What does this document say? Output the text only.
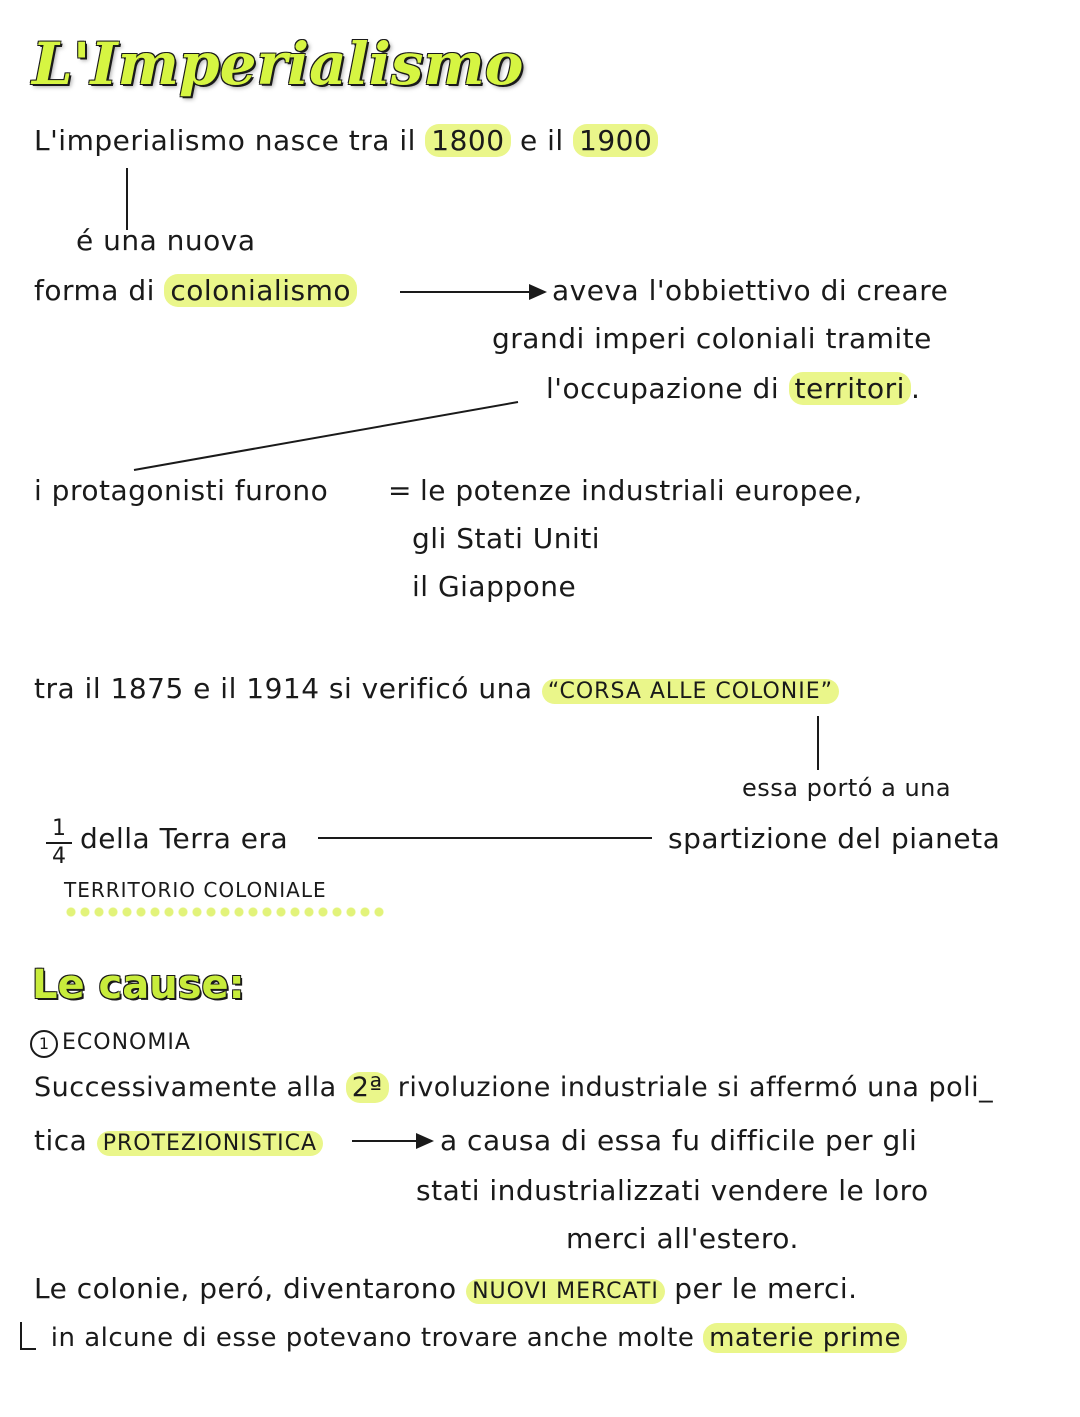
L'Imperialismo
L'imperialismo nasce tra il 1800 e il 1900
é una nuova
forma di colonialismo	aveva l'obbiettivo di creare
grandi imperi coloniali tramite
l'occupazione di territori .
i protagonisti furono = le potenze industriali europee,
gli Stati Uniti
il Giappone
tra il 1875 e il 1914 si verificó una “CORSA ALLE COLONIE”
essa portó a una
spartizione del pianeta
1
4
della Terra era
TERRITORIO COLONIALE
Le cause:
1 ECONOMIA
Successivamente alla 2ª rivoluzione industriale si affermó una poli_
tica PROTEZIONISTICA	a causa di essa fu difficile per gli
stati industrializzati vendere le loro
merci all'estero.
Le colonie, peró, diventarono NUOVI MERCATI per le merci.
in alcune di esse potevano trovare anche molte materie prime
